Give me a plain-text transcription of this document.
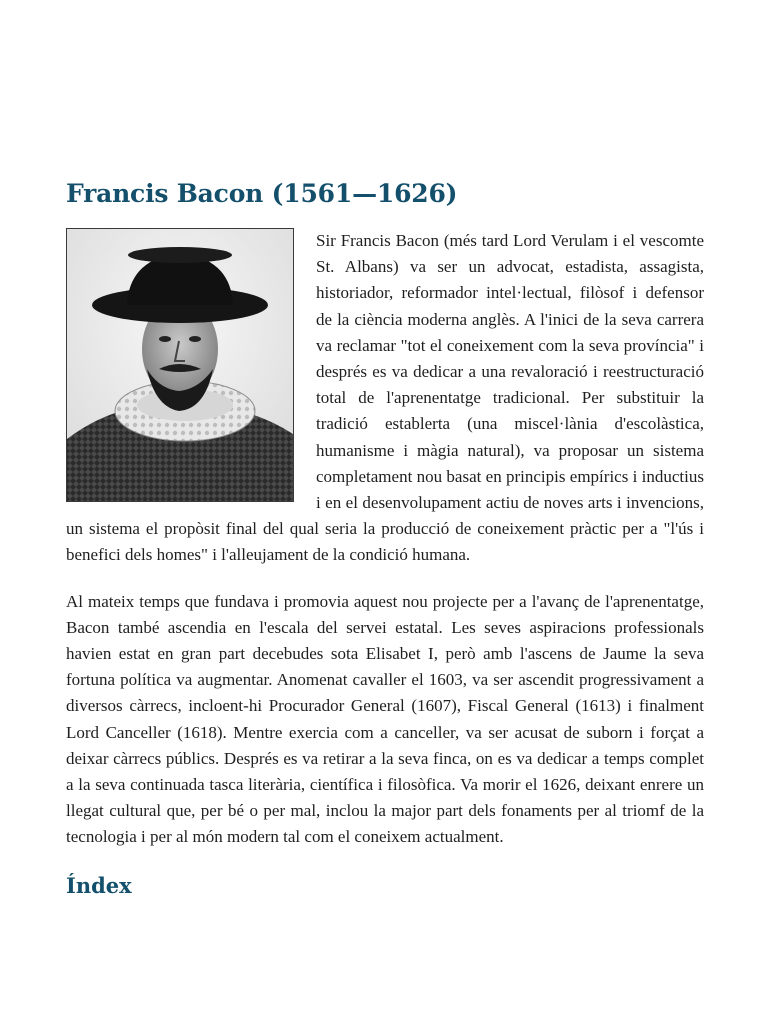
Francis Bacon (1561—1626)

Sir Francis Bacon (més tard Lord Verulam i el vescomte St. Albans) va ser un advocat, estadista, assagista, historiador, reformador intel·lectual, filòsof i defensor de la ciència moderna anglès. A l'inici de la seva carrera va reclamar "tot el coneixement com la seva província" i després es va dedicar a una revaloració i reestructuració total de l'aprenentatge tradicional. Per substituir la tradició establerta (una miscel·lània d'escolàstica, humanisme i màgia natural), va proposar un sistema completament nou basat en principis empírics i inductius i en el desenvolupament actiu de noves arts i invencions, un sistema el propòsit final del qual seria la producció de coneixement pràctic per a "l'ús i benefici dels homes" i l'alleujament de la condició humana.

Al mateix temps que fundava i promovia aquest nou projecte per a l'avanç de l'aprenentatge, Bacon també ascendia en l'escala del servei estatal. Les seves aspiracions professionals havien estat en gran part decebudes sota Elisabet I, però amb l'ascens de Jaume la seva fortuna política va augmentar. Anomenat cavaller el 1603, va ser ascendit progressivament a diversos càrrecs, incloent-hi Procurador General (1607), Fiscal General (1613) i finalment Lord Canceller (1618). Mentre exercia com a canceller, va ser acusat de suborn i forçat a deixar càrrecs públics. Després es va retirar a la seva finca, on es va dedicar a temps complet a la seva continuada tasca literària, científica i filosòfica. Va morir el 1626, deixant enrere un llegat cultural que, per bé o per mal, inclou la major part dels fonaments per al triomf de la tecnologia i per al món modern tal com el coneixem actualment.

Índex
